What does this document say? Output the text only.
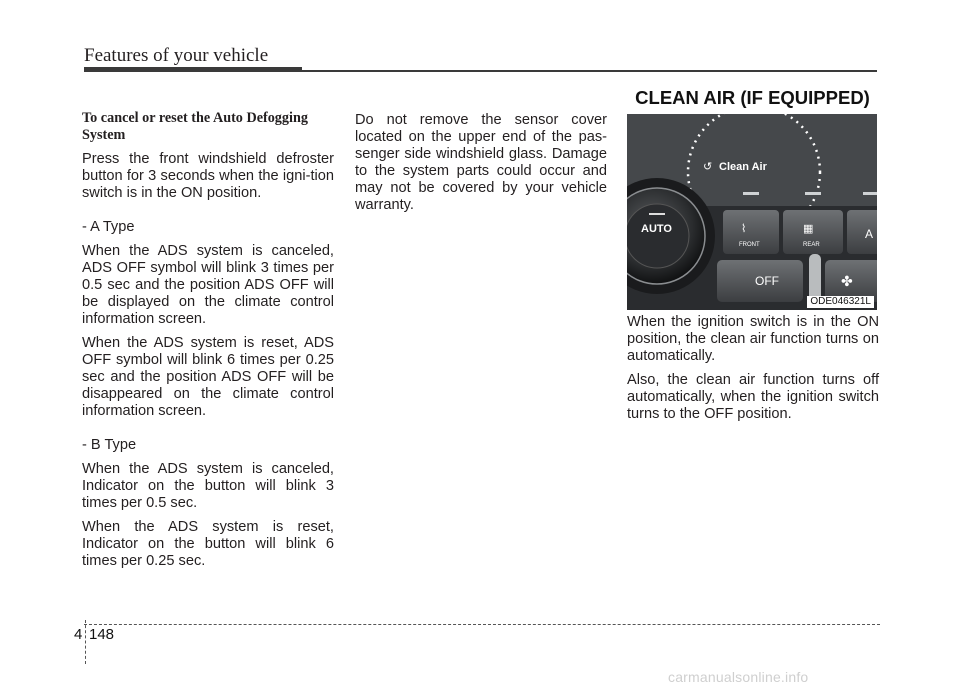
Features of your vehicle

To cancel or reset the Auto Defogging System

Press the front windshield defroster button for 3 seconds when the igni-tion switch is in the ON position.

- A Type

When the ADS system is canceled, ADS OFF symbol will blink 3 times per 0.5 sec and the position ADS OFF will be displayed on the climate control information screen.

When the ADS system is reset, ADS OFF symbol will blink 6 times per 0.25 sec and the position ADS OFF will be disappeared on the climate control information screen.

- B Type

When the ADS system is canceled, Indicator on the button will blink 3 times per 0.5 sec.

When the ADS system is reset, Indicator on the button will blink 6 times per 0.25 sec.

Do not remove the sensor cover located on the upper end of the pas-senger side windshield glass. Damage to the system parts could occur and may not be covered by your vehicle warranty.

CLEAN AIR (IF EQUIPPED)
↺ Clean Air
⌇
FRONT
▦
REAR
A
OFF	✤
AUTO
ODE046321L

When the ignition switch is in the ON position, the clean air function turns on automatically.

Also, the clean air function turns off automatically, when the ignition switch turns to the OFF position.

4 148
carmanualsonline.info
